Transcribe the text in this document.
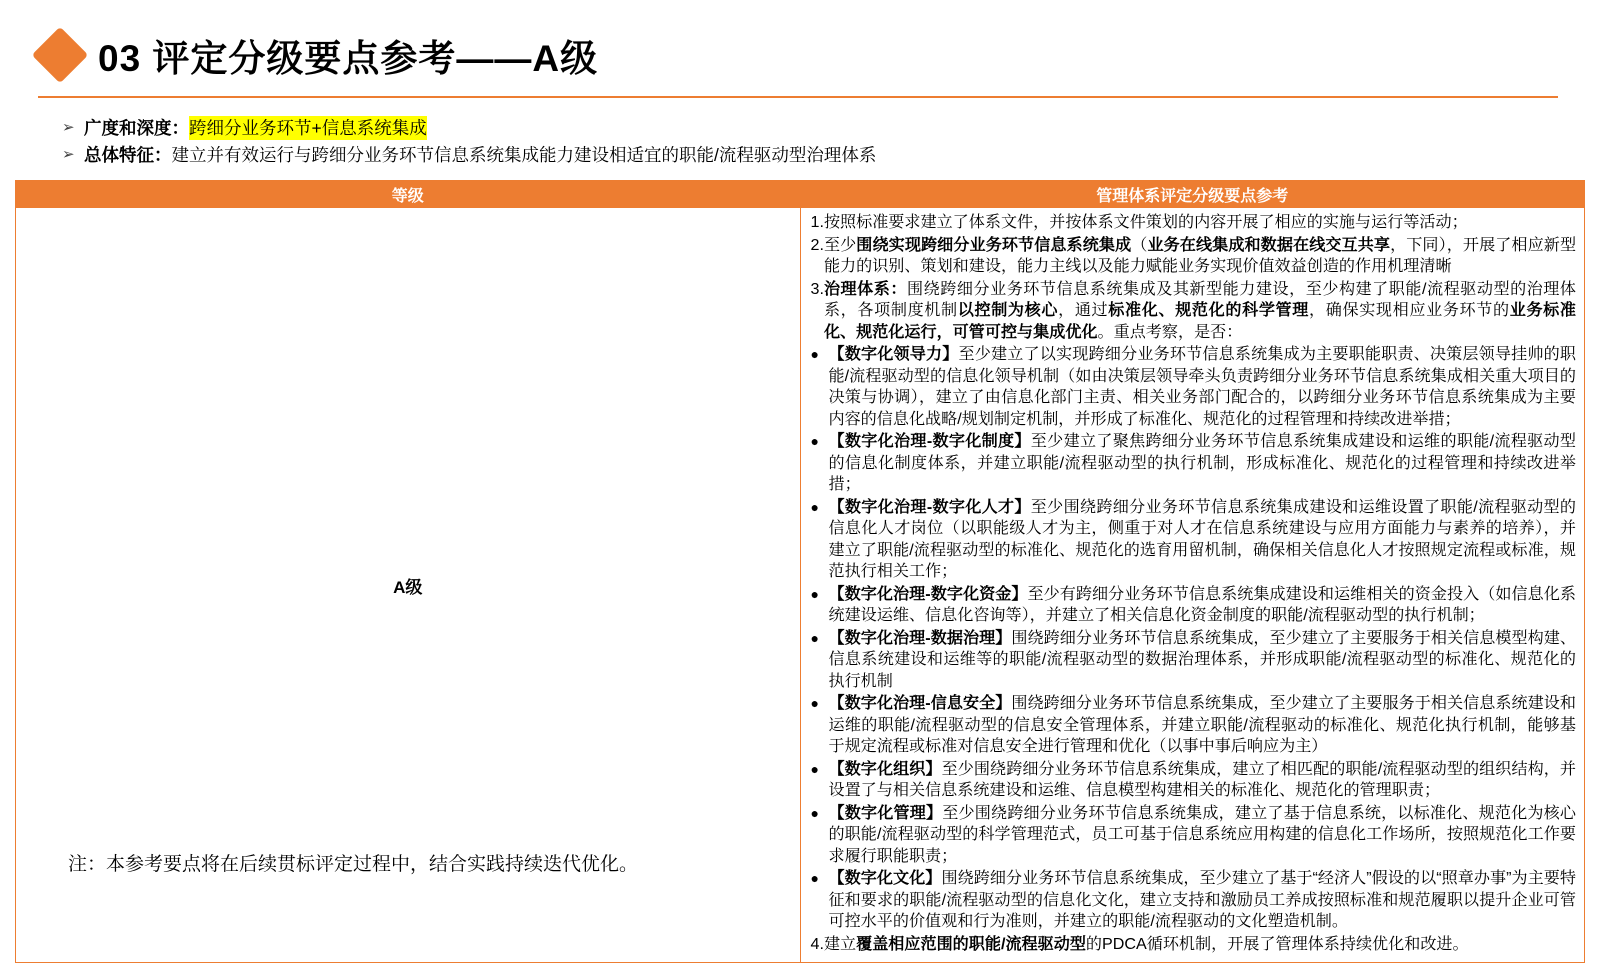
03 评定分级要点参考——A级
➢ 广度和深度： 跨细分业务环节+信息系统集成
➢ 总体特征： 建立并有效运行与跨细分业务环节信息系统集成能力建设相适宜的职能/流程驱动型治理体系
等级	管理体系评定分级要点参考
A级	
1. 按照标准要求建立了体系文件，并按体系文件策划的内容开展了相应的实施与运行等活动；
2. 至少围绕实现跨细分业务环节信息系统集成（业务在线集成和数据在线交互共享，下同），开展了相应新型能力的识别、策划和建设，能力主线以及能力赋能业务实现价值效益创造的作用机理清晰
3. 治理体系：围绕跨细分业务环节信息系统集成及其新型能力建设，至少构建了职能/流程驱动型的治理体系，各项制度机制以控制为核心，通过标准化、规范化的科学管理，确保实现相应业务环节的业务标准化、规范化运行，可管可控与集成优化。重点考察，是否：
● 【数字化领导力】至少建立了以实现跨细分业务环节信息系统集成为主要职能职责、决策层领导挂帅的职能/流程驱动型的信息化领导机制（如由决策层领导牵头负责跨细分业务环节信息系统集成相关重大项目的决策与协调），建立了由信息化部门主责、相关业务部门配合的，以跨细分业务环节信息系统集成为主要内容的信息化战略/规划制定机制，并形成了标准化、规范化的过程管理和持续改进举措；
● 【数字化治理-数字化制度】至少建立了聚焦跨细分业务环节信息系统集成建设和运维的职能/流程驱动型的信息化制度体系，并建立职能/流程驱动型的执行机制，形成标准化、规范化的过程管理和持续改进举措；
● 【数字化治理-数字化人才】至少围绕跨细分业务环节信息系统集成建设和运维设置了职能/流程驱动型的信息化人才岗位（以职能级人才为主，侧重于对人才在信息系统建设与应用方面能力与素养的培养），并建立了职能/流程驱动型的标准化、规范化的选育用留机制，确保相关信息化人才按照规定流程或标准，规范执行相关工作；
● 【数字化治理-数字化资金】至少有跨细分业务环节信息系统集成建设和运维相关的资金投入（如信息化系统建设运维、信息化咨询等），并建立了相关信息化资金制度的职能/流程驱动型的执行机制；
● 【数字化治理-数据治理】围绕跨细分业务环节信息系统集成，至少建立了主要服务于相关信息模型构建、信息系统建设和运维等的职能/流程驱动型的数据治理体系，并形成职能/流程驱动型的标准化、规范化的执行机制
● 【数字化治理-信息安全】围绕跨细分业务环节信息系统集成，至少建立了主要服务于相关信息系统建设和运维的职能/流程驱动型的信息安全管理体系，并建立职能/流程驱动的标准化、规范化执行机制，能够基于规定流程或标准对信息安全进行管理和优化（以事中事后响应为主）
● 【数字化组织】至少围绕跨细分业务环节信息系统集成，建立了相匹配的职能/流程驱动型的组织结构，并设置了与相关信息系统建设和运维、信息模型构建相关的标准化、规范化的管理职责；
● 【数字化管理】至少围绕跨细分业务环节信息系统集成，建立了基于信息系统，以标准化、规范化为核心的职能/流程驱动型的科学管理范式，员工可基于信息系统应用构建的信息化工作场所，按照规范化工作要求履行职能职责；
● 【数字化文化】围绕跨细分业务环节信息系统集成，至少建立了基于“经济人”假设的以“照章办事”为主要特征和要求的职能/流程驱动型的信息化文化，建立支持和激励员工养成按照标准和规范履职以提升企业可管可控水平的价值观和行为准则，并建立的职能/流程驱动的文化塑造机制。
4. 建立覆盖相应范围的职能/流程驱动型的PDCA循环机制，开展了管理体系持续优化和改进。
注：本参考要点将在后续贯标评定过程中，结合实践持续迭代优化。
